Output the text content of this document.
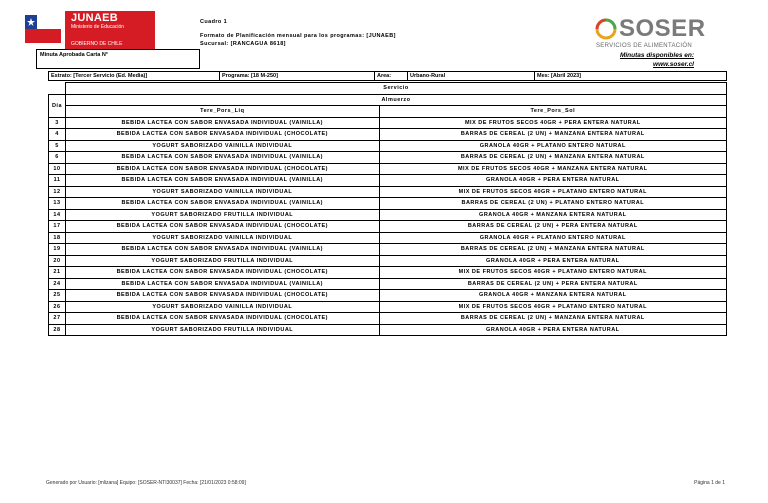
JUNAEB
Ministerio de Educación
GOBIERNO DE CHILE
Cuadro 1
Formato de Planificación mensual para los programas: [JUNAEB]
Sucursal: [RANCAGUA 8618]
Minuta Aprobada Carta N°
SOSER
SERVICIOS DE ALIMENTACIÓN
Minutas disponibles en:
www.soser.cl
Estrato: [Tercer Servicio (Ed. Media)]	Programa: [18 M-250]	Area:	Urbano-Rural	Mes: [Abril 2023]
	Servicio	
Día	Almuerzo	
	Tere_Pors_Liq	Tere_Pors_Sol
3	BEBIDA LACTEA CON SABOR ENVASADA INDIVIDUAL (VAINILLA)	MIX DE FRUTOS SECOS 40GR + PERA ENTERA NATURAL
4	BEBIDA LACTEA CON SABOR ENVASADA INDIVIDUAL (CHOCOLATE)	BARRAS DE CEREAL (2 UN) + MANZANA ENTERA NATURAL
5	YOGURT SABORIZADO VAINILLA INDIVIDUAL	GRANOLA 40GR + PLATANO ENTERO NATURAL
6	BEBIDA LACTEA CON SABOR ENVASADA INDIVIDUAL (VAINILLA)	BARRAS DE CEREAL (2 UN) + MANZANA ENTERA NATURAL
10	BEBIDA LACTEA CON SABOR ENVASADA INDIVIDUAL (CHOCOLATE)	MIX DE FRUTOS SECOS 40GR + MANZANA ENTERA NATURAL
11	BEBIDA LACTEA CON SABOR ENVASADA INDIVIDUAL (VAINILLA)	GRANOLA 40GR + PERA ENTERA NATURAL
12	YOGURT SABORIZADO VAINILLA INDIVIDUAL	MIX DE FRUTOS SECOS 40GR + PLATANO ENTERO NATURAL
13	BEBIDA LACTEA CON SABOR ENVASADA INDIVIDUAL (VAINILLA)	BARRAS DE CEREAL (2 UN) + PLATANO ENTERO NATURAL
14	YOGURT SABORIZADO FRUTILLA INDIVIDUAL	GRANOLA 40GR + MANZANA ENTERA NATURAL
17	BEBIDA LACTEA CON SABOR ENVASADA INDIVIDUAL (CHOCOLATE)	BARRAS DE CEREAL (2 UN) + PERA ENTERA NATURAL
18	YOGURT SABORIZADO VAINILLA INDIVIDUAL	GRANOLA 40GR + PLATANO ENTERO NATURAL
19	BEBIDA LACTEA CON SABOR ENVASADA INDIVIDUAL (VAINILLA)	BARRAS DE CEREAL (2 UN) + MANZANA ENTERA NATURAL
20	YOGURT SABORIZADO FRUTILLA INDIVIDUAL	GRANOLA 40GR + PERA ENTERA NATURAL
21	BEBIDA LACTEA CON SABOR ENVASADA INDIVIDUAL (CHOCOLATE)	MIX DE FRUTOS SECOS 40GR + PLATANO ENTERO NATURAL
24	BEBIDA LACTEA CON SABOR ENVASADA INDIVIDUAL (VAINILLA)	BARRAS DE CEREAL (2 UN) + PERA ENTERA NATURAL
25	BEBIDA LACTEA CON SABOR ENVASADA INDIVIDUAL (CHOCOLATE)	GRANOLA 40GR + MANZANA ENTERA NATURAL
26	YOGURT SABORIZADO VAINILLA INDIVIDUAL	MIX DE FRUTOS SECOS 40GR + PLATANO ENTERO NATURAL
27	BEBIDA LACTEA CON SABOR ENVASADA INDIVIDUAL (CHOCOLATE)	BARRAS DE CEREAL (2 UN) + MANZANA ENTERA NATURAL
28	YOGURT SABORIZADO FRUTILLA INDIVIDUAL	GRANOLA 40GR + PERA ENTERA NATURAL
Generado por Usuario: [mlizana] Equipo: [SOSER-NTI30037] Fecha: [21/01/2023 0:58:09]	Página 1 de 1
